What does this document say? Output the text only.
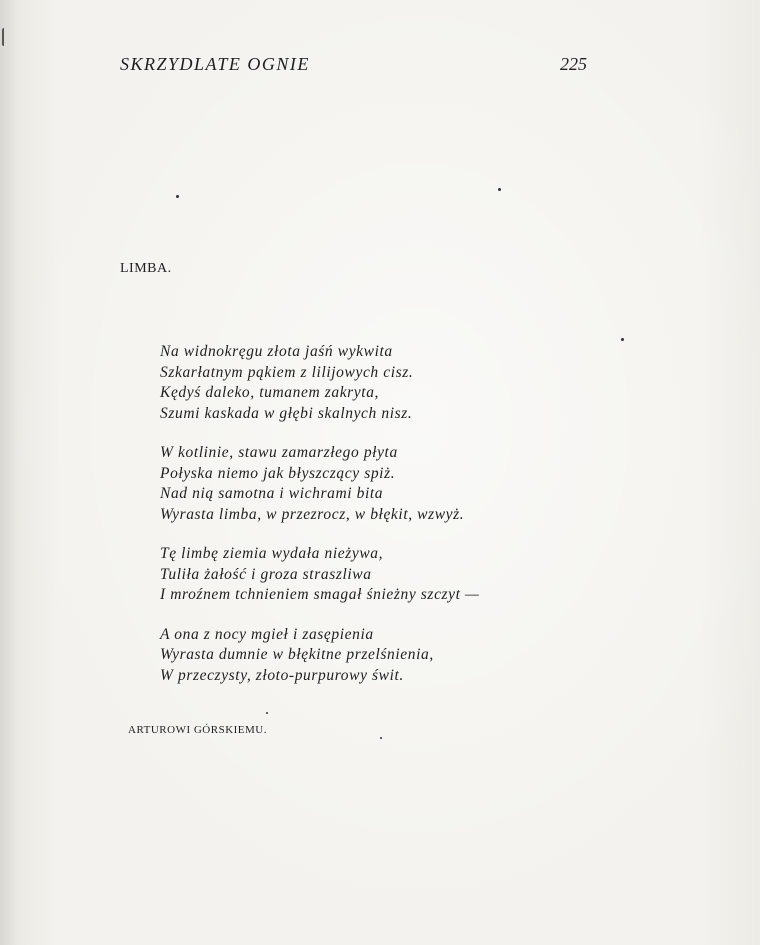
SKRZYDLATE OGNIE	225

LIMBA.
Na widnokręgu złota jaśń wykwita
Szkarłatnym pąkiem z lilijowych cisz.
Kędyś daleko, tumanem zakryta,
Szumi kaskada w głębi skalnych nisz.
W kotlinie, stawu zamarzłego płyta
Połyska niemo jak błyszczący spiż.
Nad nią samotna i wichrami bita
Wyrasta limba, w przezrocz, w błękit, wzwyż.
Tę limbę ziemia wydała nieżywa,
Tuliła żałość i groza straszliwa
I mroźnem tchnieniem smagał śnieżny szczyt —
A ona z nocy mgieł i zasępienia
Wyrasta dumnie w błękitne przelśnienia,
W przeczysty, złoto-purpurowy świt.
ARTUROWI GÓRSKIEMU.
